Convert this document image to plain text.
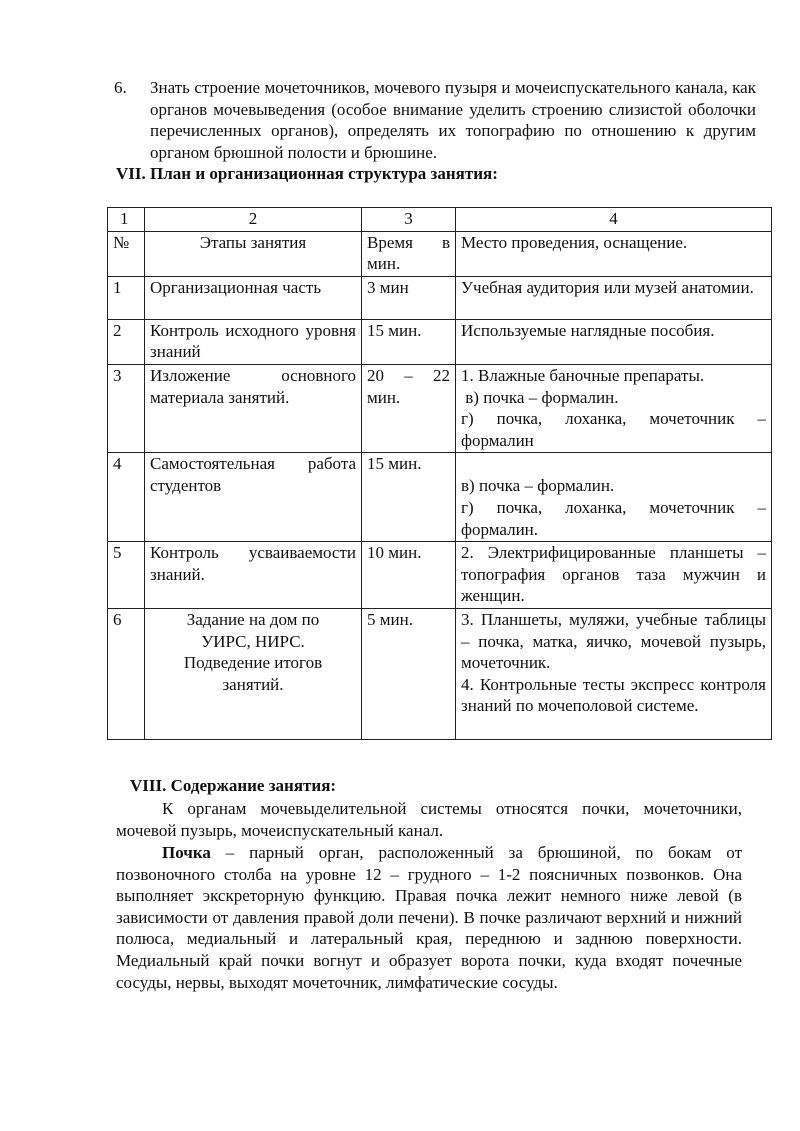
6. Знать строение мочеточников, мочевого пузыря и мочеиспускательного канала, как органов мочевыведения (особое внимание уделить строению слизистой оболочки перечисленных органов), определять их топографию по отношению к другим органом брюшной полости и брюшине.
VII. План и организационная структура занятия:
1	2	3	4
№	Этапы занятия	Время в мин.	Место проведения, оснащение.
1	Организационная часть	3 мин	Учебная аудитория или музей анатомии.
2	Контроль исходного уровня знаний	15 мин.	Используемые наглядные пособия.
3	Изложение основного материала занятий.	20 – 22 мин.	1. Влажные баночные препараты.
в) почка – формалин.
г) почка, лоханка, мочеточник – формалин

4	Самостоятельная работа студентов	15 мин.	в) почка – формалин.
г) почка, лоханка, мочеточник – формалин.

5	Контроль усваиваемости знаний.	10 мин.	2. Электрифицированные планшеты – топография органов таза мужчин и женщин.
6	Задание на дом по
УИРС, НИРС.
Подведение итогов
занятий.	5 мин.	3. Планшеты, муляжи, учебные таблицы – почка, матка, яичко, мочевой пузырь, мочеточник.
4. Контрольные тесты экспресс контроля знаний по мочеполовой системе.
VIII. Содержание занятия:
К органам мочевыделительной системы относятся почки, мочеточники, мочевой пузырь, мочеиспускательный канал.
Почка – парный орган, расположенный за брюшиной, по бокам от позвоночного столба на уровне 12 – грудного – 1-2 поясничных позвонков. Она выполняет экскреторную функцию. Правая почка лежит немного ниже левой (в зависимости от давления правой доли печени). В почке различают верхний и нижний полюса, медиальный и латеральный края, переднюю и заднюю поверхности. Медиальный край почки вогнут и образует ворота почки, куда входят почечные сосуды, нервы, выходят мочеточник, лимфатические сосуды.
